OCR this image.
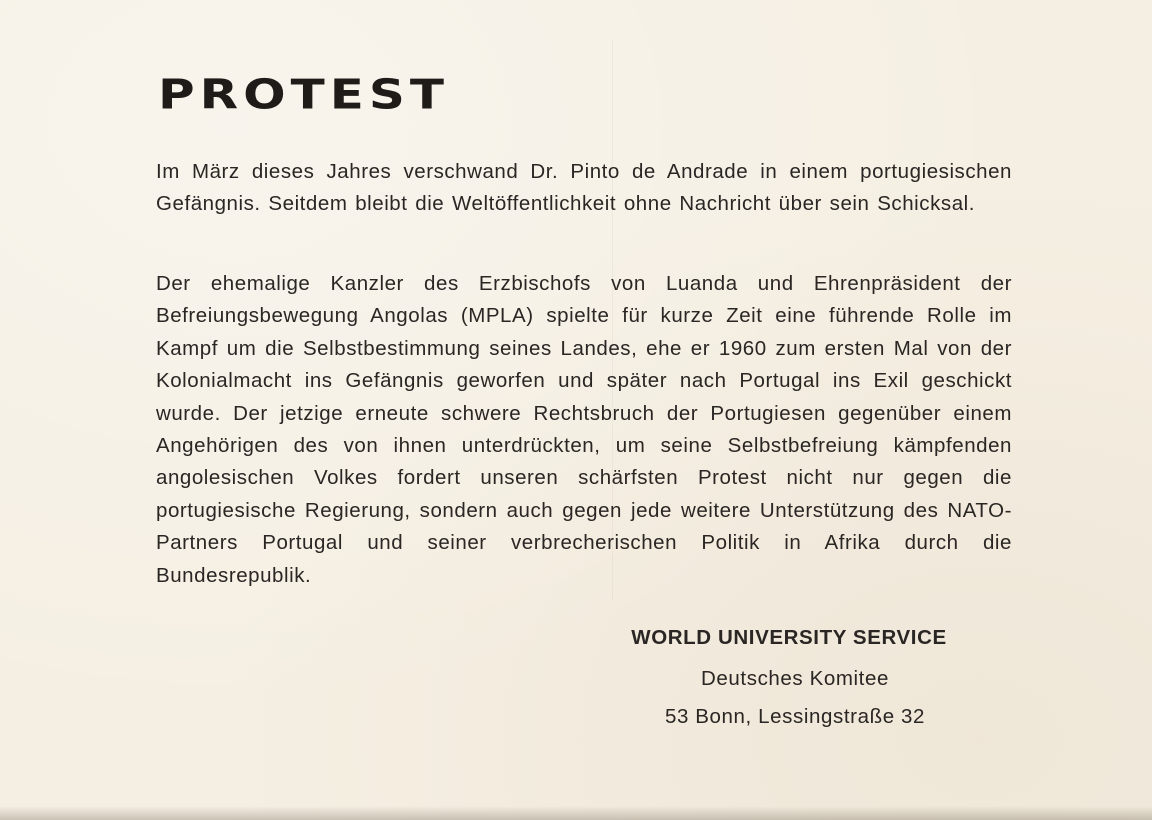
PROTEST

Im März dieses Jahres verschwand Dr. Pinto de Andrade in einem portugiesischen Gefängnis. Seitdem bleibt die Weltöffentlichkeit ohne Nachricht über sein Schicksal.

Der ehemalige Kanzler des Erzbischofs von Luanda und Ehrenpräsident der Befreiungsbewegung Angolas (MPLA) spielte für kurze Zeit eine führende Rolle im Kampf um die Selbstbestimmung seines Landes, ehe er 1960 zum ersten Mal von der Kolonialmacht ins Gefängnis geworfen und später nach Portugal ins Exil geschickt wurde. Der jetzige erneute schwere Rechtsbruch der Portugiesen gegenüber einem Angehörigen des von ihnen unterdrückten, um seine Selbstbefreiung kämpfenden angolesischen Volkes fordert unseren schärfsten Protest nicht nur gegen die portugiesische Regierung, sondern auch gegen jede weitere Unterstützung des NATO-Partners Portugal und seiner verbrecherischen Politik in Afrika durch die Bundesrepublik.

WORLD UNIVERSITY SERVICE
Deutsches Komitee
53 Bonn, Lessingstraße 32
